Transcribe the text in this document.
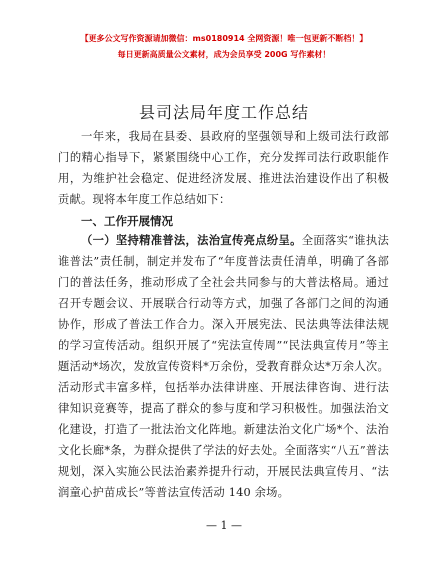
【更多公文写作资源请加微信：ms0180914 全网资源！唯一包更新不断档！】
每日更新高质量公文素材，成为会员享受 200G 写作素材！
县司法局年度工作总结
一年来，我局在县委、县政府的坚强领导和上级司法行政部门的精心指导下，紧紧围绕中心工作，充分发挥司法行政职能作用，为维护社会稳定、促进经济发展、推进法治建设作出了积极贡献。现将本年度工作总结如下：
一、工作开展情况
（一）坚持精准普法，法治宣传亮点纷呈。全面落实“谁执法谁普法”责任制，制定并发布了“年度普法责任清单，明确了各部门的普法任务，推动形成了全社会共同参与的大普法格局。通过召开专题会议、开展联合行动等方式，加强了各部门之间的沟通协作，形成了普法工作合力。深入开展宪法、民法典等法律法规的学习宣传活动。组织开展了“宪法宣传周”“民法典宣传月”等主题活动*场次，发放宣传资料*万余份，受教育群众达*万余人次。活动形式丰富多样，包括举办法律讲座、开展法律咨询、进行法律知识竞赛等，提高了群众的参与度和学习积极性。加强法治文化建设，打造了一批法治文化阵地。新建法治文化广场*个、法治文化长廊*条，为群众提供了学法的好去处。全面落实“八五”普法规划，深入实施公民法治素养提升行动，开展民法典宣传月、“法润童心护苗成长”等普法宣传活动 140 余场。
— 1 —
